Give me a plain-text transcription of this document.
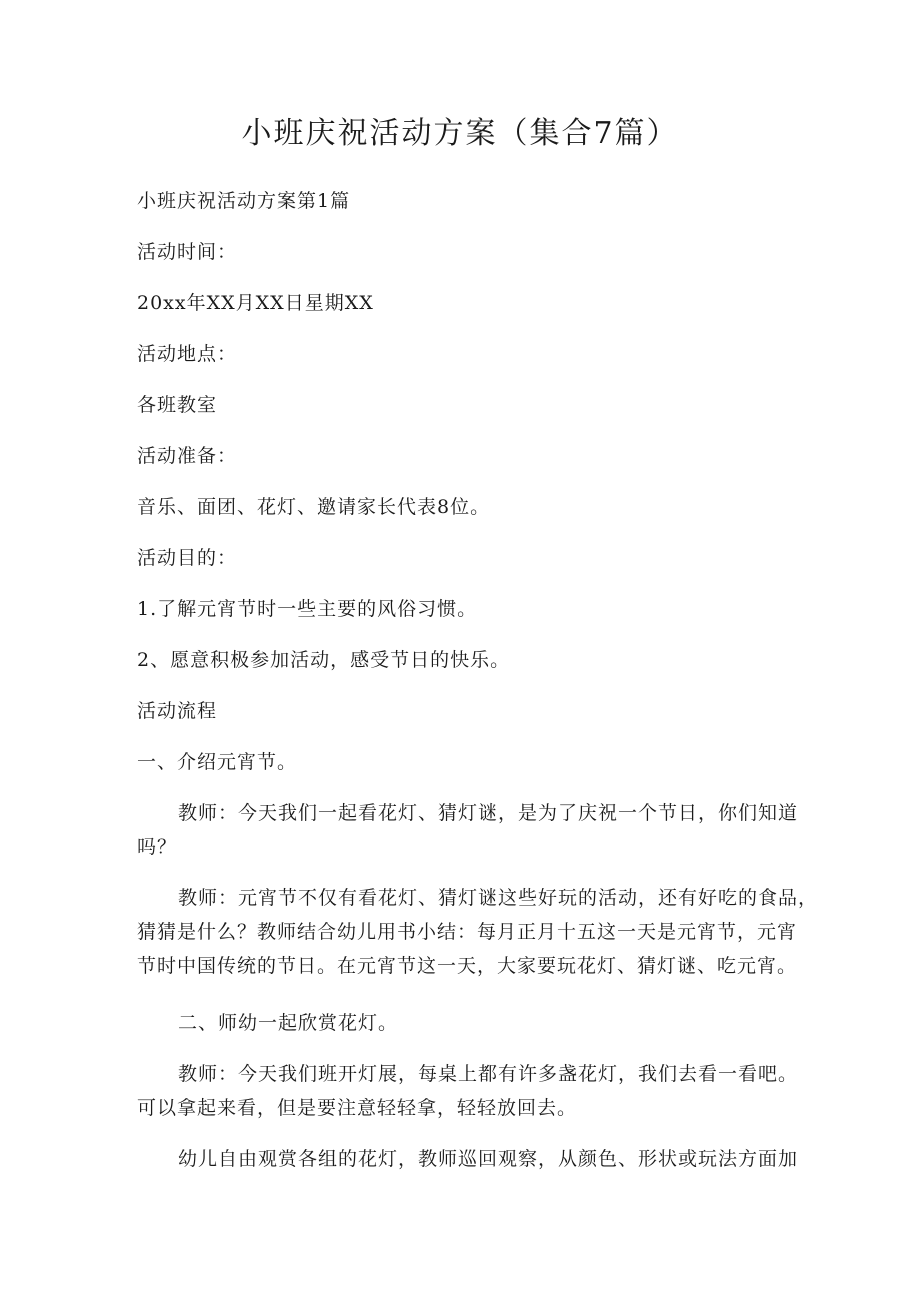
小班庆祝活动方案（集合7篇）

小班庆祝活动方案第1篇

活动时间：

20xx年XX月XX日星期XX

活动地点：

各班教室

活动准备：

音乐、面团、花灯、邀请家长代表8位。

活动目的：

1.了解元宵节时一些主要的风俗习惯。

2、愿意积极参加活动，感受节日的快乐。

活动流程

一、介绍元宵节。

教师：今天我们一起看花灯、猜灯谜，是为了庆祝一个节日，你们知道
吗？
教师：元宵节不仅有看花灯、猜灯谜这些好玩的活动，还有好吃的食品，
猜猜是什么？教师结合幼儿用书小结：每月正月十五这一天是元宵节，元宵
节时中国传统的节日。在元宵节这一天，大家要玩花灯、猜灯谜、吃元宵。

二、师幼一起欣赏花灯。

教师：今天我们班开灯展，每桌上都有许多盏花灯，我们去看一看吧。
可以拿起来看，但是要注意轻轻拿，轻轻放回去。
幼儿自由观赏各组的花灯，教师巡回观察，从颜色、形状或玩法方面加
